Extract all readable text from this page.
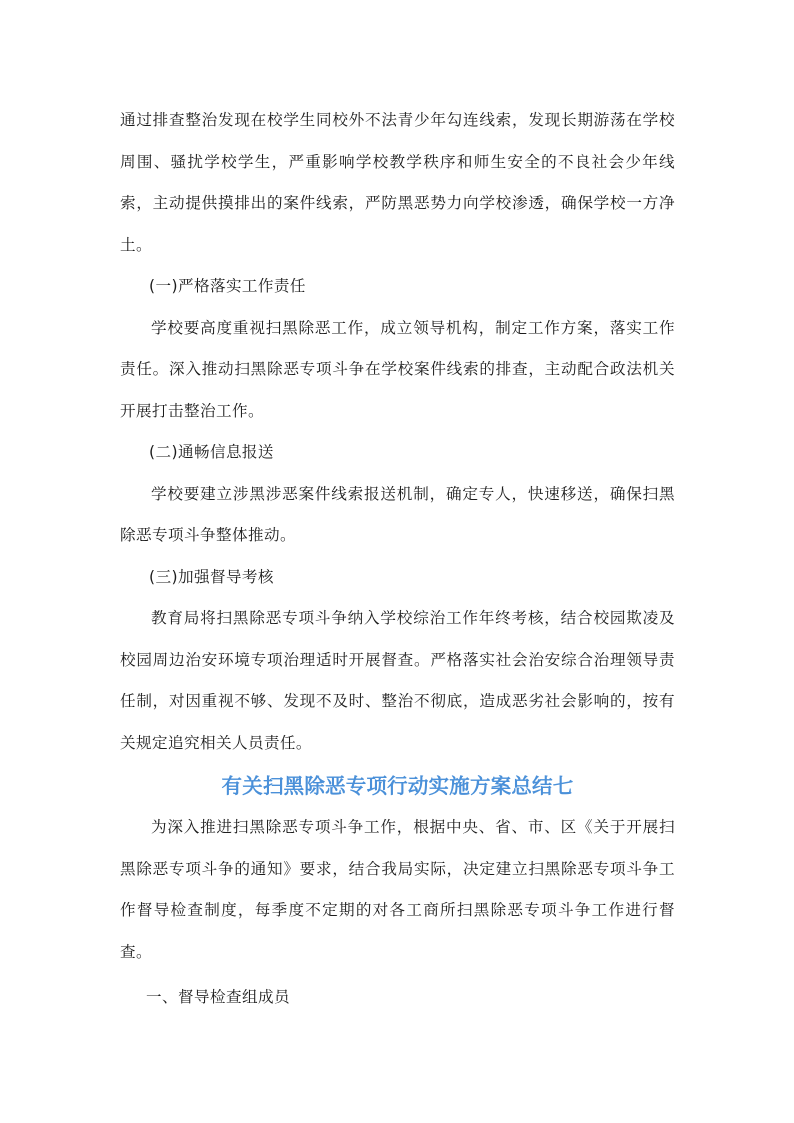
通过排查整治发现在校学生同校外不法青少年勾连线索，发现长期游荡在学校周围、骚扰学校学生，严重影响学校教学秩序和师生安全的不良社会少年线索，主动提供摸排出的案件线索，严防黑恶势力向学校渗透，确保学校一方净土。

(一)严格落实工作责任

学校要高度重视扫黑除恶工作，成立领导机构，制定工作方案，落实工作责任。深入推动扫黑除恶专项斗争在学校案件线索的排查，主动配合政法机关开展打击整治工作。

(二)通畅信息报送

学校要建立涉黑涉恶案件线索报送机制，确定专人，快速移送，确保扫黑除恶专项斗争整体推动。

(三)加强督导考核

教育局将扫黑除恶专项斗争纳入学校综治工作年终考核，结合校园欺凌及校园周边治安环境专项治理适时开展督查。严格落实社会治安综合治理领导责任制，对因重视不够、发现不及时、整治不彻底，造成恶劣社会影响的，按有关规定追究相关人员责任。

有关扫黑除恶专项行动实施方案总结七

为深入推进扫黑除恶专项斗争工作，根据中央、省、市、区《关于开展扫黑除恶专项斗争的通知》要求，结合我局实际，决定建立扫黑除恶专项斗争工作督导检查制度，每季度不定期的对各工商所扫黑除恶专项斗争工作进行督查。

一、督导检查组成员
